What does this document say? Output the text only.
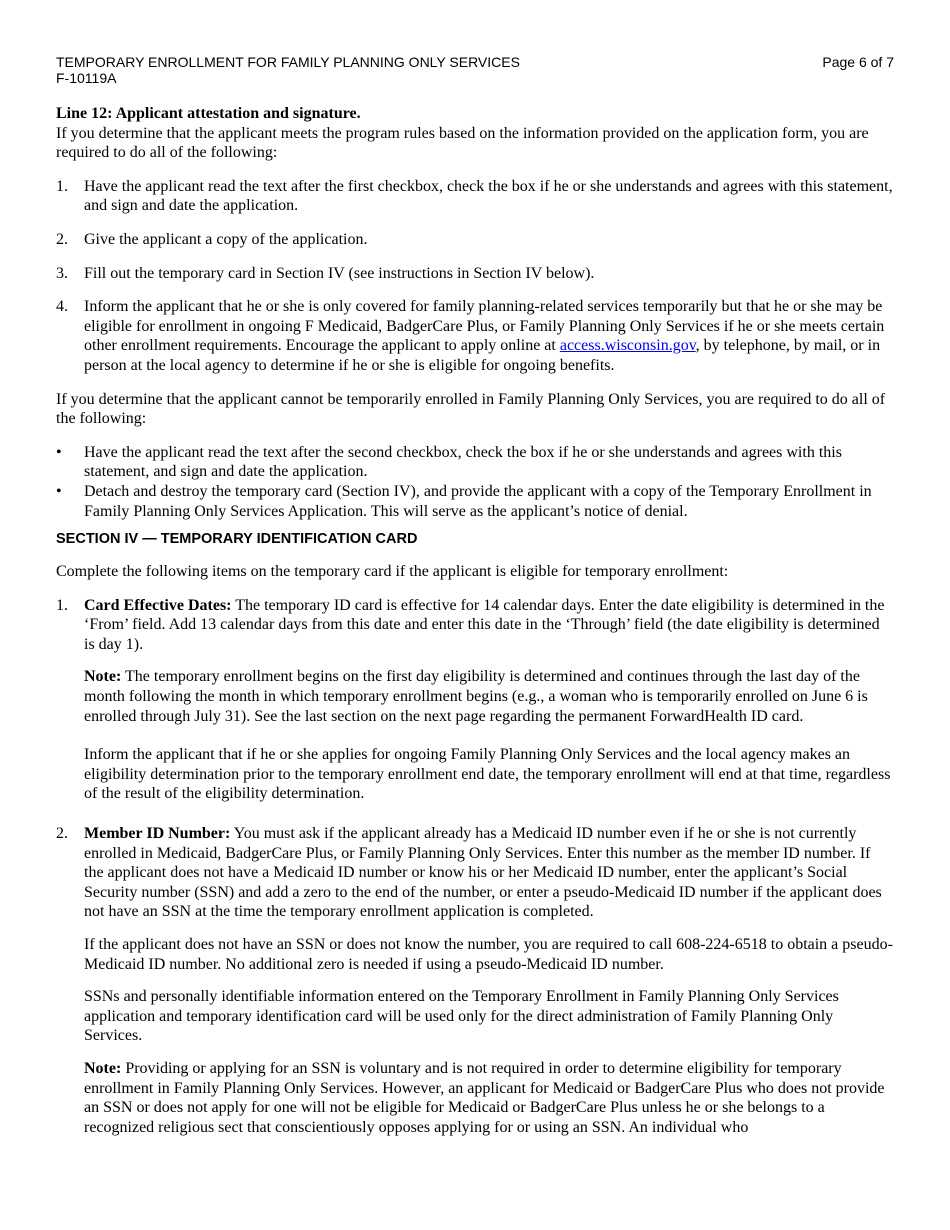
TEMPORARY ENROLLMENT FOR FAMILY PLANNING ONLY SERVICES
F-10119A
Page 6 of 7

Line 12: Applicant attestation and signature.

If you determine that the applicant meets the program rules based on the information provided on the application form, you are required to do all of the following:

1. Have the applicant read the text after the first checkbox, check the box if he or she understands and agrees with this statement, and sign and date the application.
2. Give the applicant a copy of the application.
3. Fill out the temporary card in Section IV (see instructions in Section IV below).
4. Inform the applicant that he or she is only covered for family planning-related services temporarily but that he or she may be eligible for enrollment in ongoing F Medicaid, BadgerCare Plus, or Family Planning Only Services if he or she meets certain other enrollment requirements. Encourage the applicant to apply online at access.wisconsin.gov, by telephone, by mail, or in person at the local agency to determine if he or she is eligible for ongoing benefits.

If you determine that the applicant cannot be temporarily enrolled in Family Planning Only Services, you are required to do all of the following:

• Have the applicant read the text after the second checkbox, check the box if he or she understands and agrees with this statement, and sign and date the application.
• Detach and destroy the temporary card (Section IV), and provide the applicant with a copy of the Temporary Enrollment in Family Planning Only Services Application. This will serve as the applicant’s notice of denial.
SECTION IV — TEMPORARY IDENTIFICATION CARD

Complete the following items on the temporary card if the applicant is eligible for temporary enrollment:

1. Card Effective Dates: The temporary ID card is effective for 14 calendar days. Enter the date eligibility is determined in the ‘From’ field. Add 13 calendar days from this date and enter this date in the ‘Through’ field (the date eligibility is determined is day 1).

Note: The temporary enrollment begins on the first day eligibility is determined and continues through the last day of the month following the month in which temporary enrollment begins (e.g., a woman who is temporarily enrolled on June 6 is enrolled through July 31). See the last section on the next page regarding the permanent ForwardHealth ID card.

Inform the applicant that if he or she applies for ongoing Family Planning Only Services and the local agency makes an eligibility determination prior to the temporary enrollment end date, the temporary enrollment will end at that time, regardless of the result of the eligibility determination.

2. Member ID Number: You must ask if the applicant already has a Medicaid ID number even if he or she is not currently enrolled in Medicaid, BadgerCare Plus, or Family Planning Only Services. Enter this number as the member ID number. If the applicant does not have a Medicaid ID number or know his or her Medicaid ID number, enter the applicant’s Social Security number (SSN) and add a zero to the end of the number, or enter a pseudo-Medicaid ID number if the applicant does not have an SSN at the time the temporary enrollment application is completed.

If the applicant does not have an SSN or does not know the number, you are required to call 608-224-6518 to obtain a pseudo-Medicaid ID number. No additional zero is needed if using a pseudo-Medicaid ID number.

SSNs and personally identifiable information entered on the Temporary Enrollment in Family Planning Only Services application and temporary identification card will be used only for the direct administration of Family Planning Only Services.

Note: Providing or applying for an SSN is voluntary and is not required in order to determine eligibility for temporary enrollment in Family Planning Only Services. However, an applicant for Medicaid or BadgerCare Plus who does not provide an SSN or does not apply for one will not be eligible for Medicaid or BadgerCare Plus unless he or she belongs to a recognized religious sect that conscientiously opposes applying for or using an SSN. An individual who
